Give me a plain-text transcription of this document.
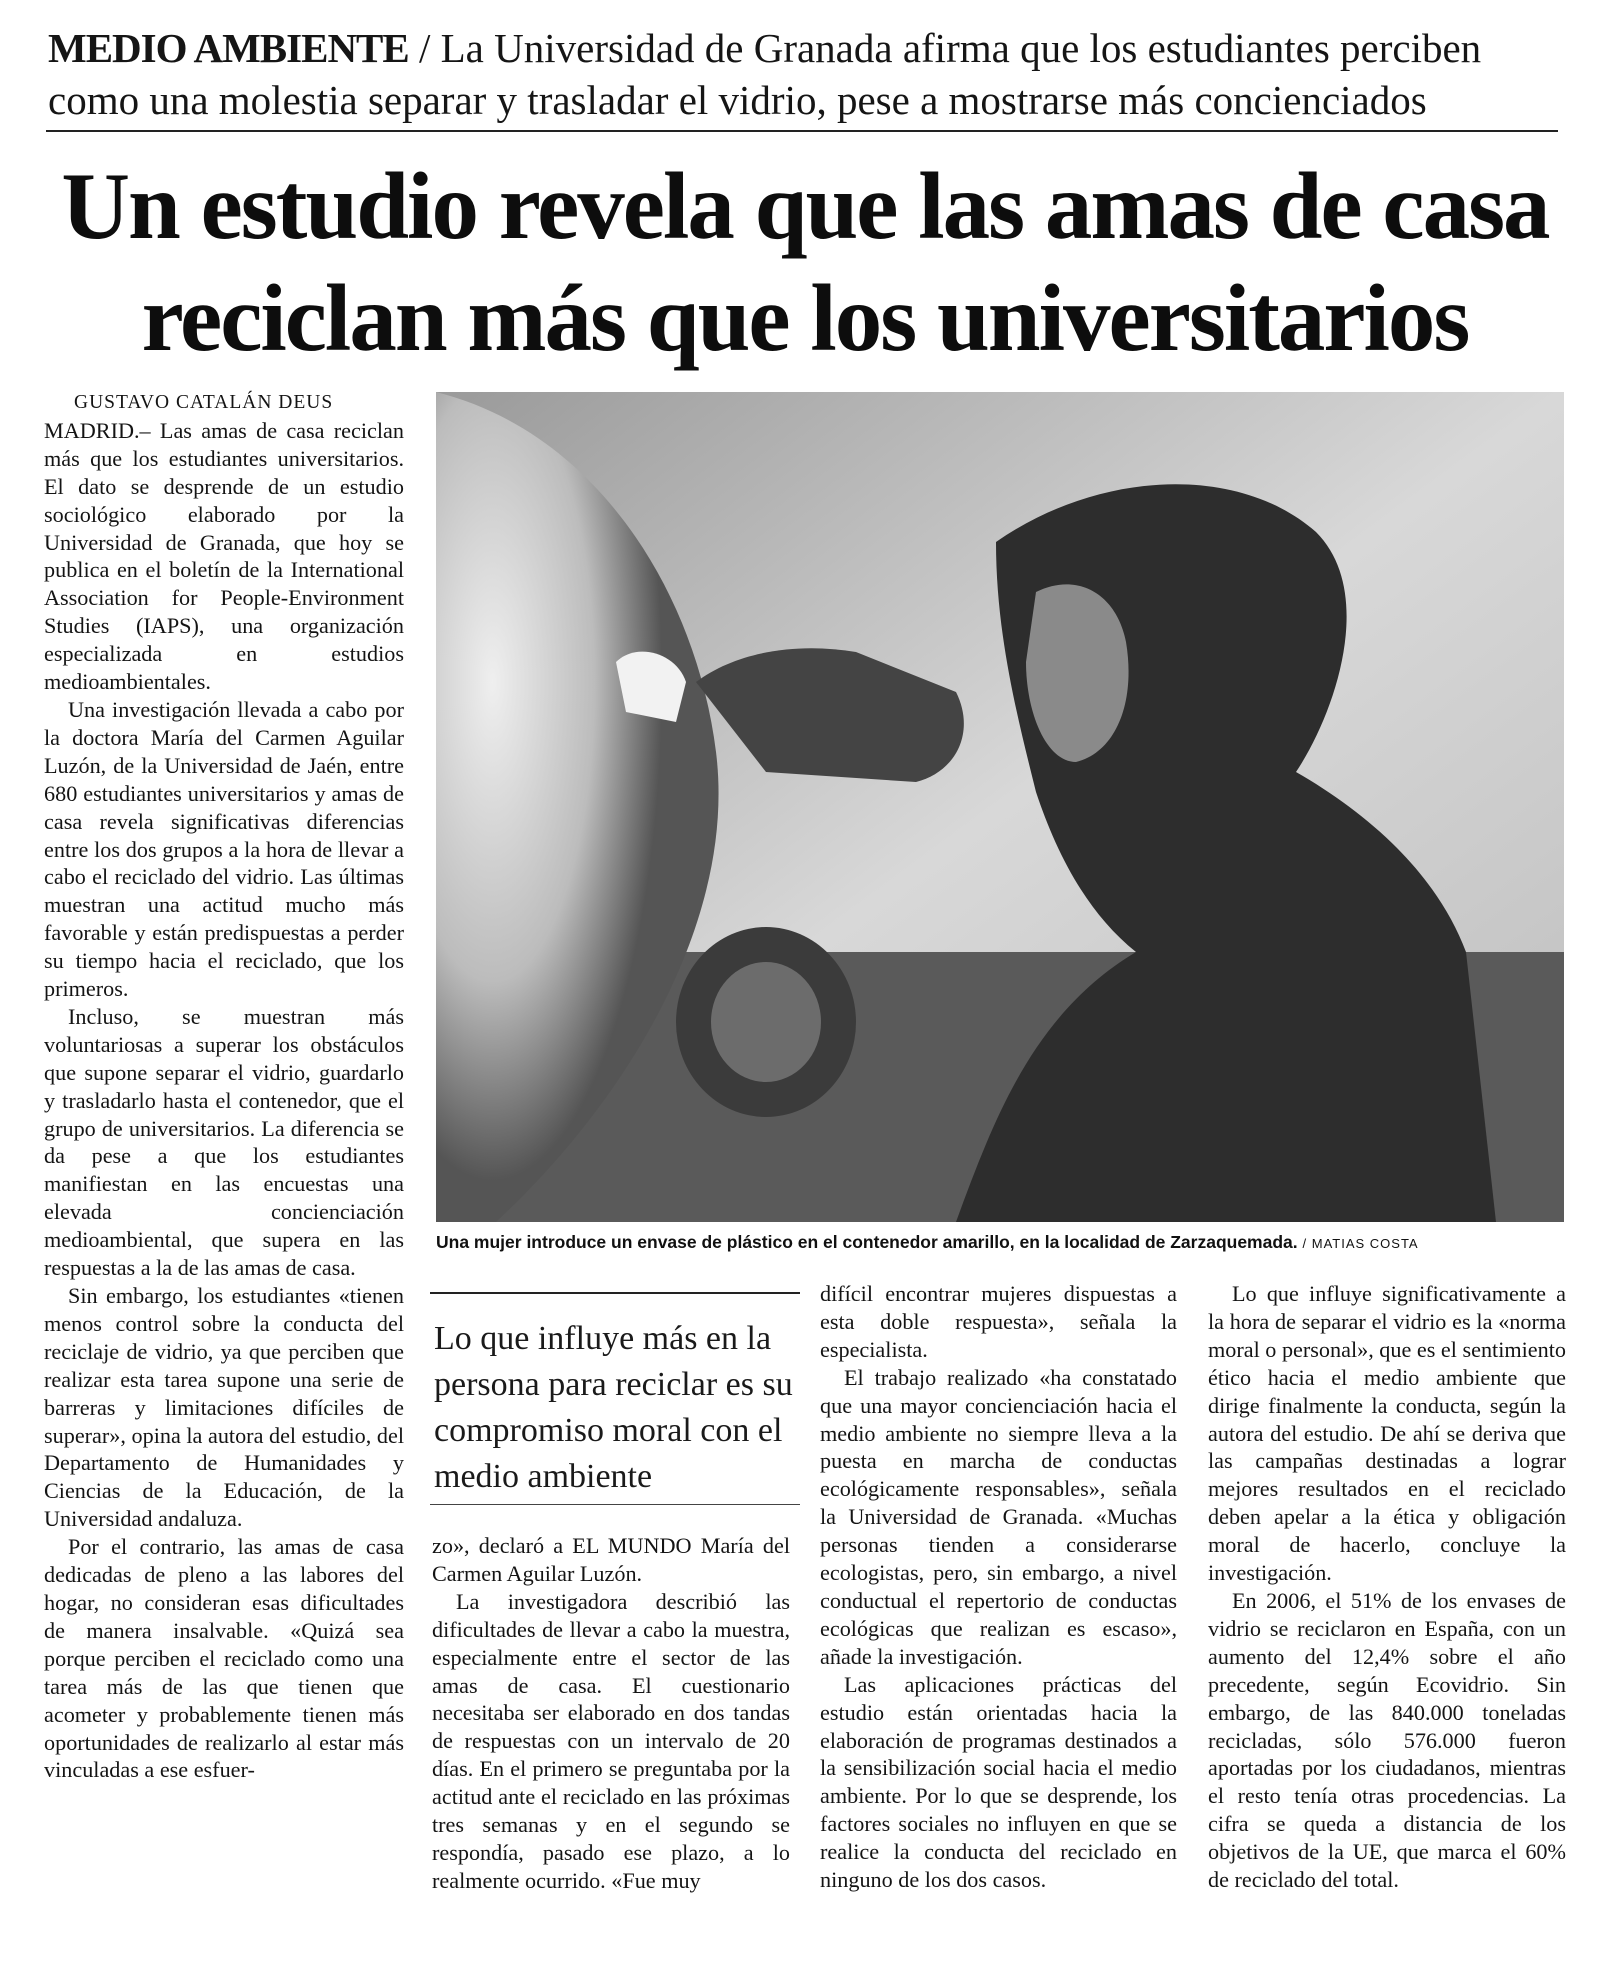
MEDIO AMBIENTE / La Universidad de Granada afirma que los estudiantes perciben como una molestia separar y trasladar el vidrio, pese a mostrarse más concienciados
Un estudio revela que las amas de casa
reciclan más que los universitarios

GUSTAVO CATALÁN DEUS

MADRID.– Las amas de casa reciclan más que los estudiantes universitarios. El dato se desprende de un estudio sociológico elaborado por la Universidad de Granada, que hoy se publica en el boletín de la International Association for People-Environment Studies (IAPS), una organización especializada en estudios medioambientales.

Una investigación llevada a cabo por la doctora María del Carmen Aguilar Luzón, de la Universidad de Jaén, entre 680 estudiantes universitarios y amas de casa revela significativas diferencias entre los dos grupos a la hora de llevar a cabo el reciclado del vidrio. Las últimas muestran una actitud mucho más favorable y están predispuestas a perder su tiempo hacia el reciclado, que los primeros.

Incluso, se muestran más voluntariosas a superar los obstáculos que supone separar el vidrio, guardarlo y trasladarlo hasta el contenedor, que el grupo de universitarios. La diferencia se da pese a que los estudiantes manifiestan en las encuestas una elevada concienciación medioambiental, que supera en las respuestas a la de las amas de casa.

Sin embargo, los estudiantes «tienen menos control sobre la conducta del reciclaje de vidrio, ya que perciben que realizar esta tarea supone una serie de barreras y limitaciones difíciles de superar», opina la autora del estudio, del Departamento de Humanidades y Ciencias de la Educación, de la Universidad andaluza.

Por el contrario, las amas de casa dedicadas de pleno a las labores del hogar, no consideran esas dificultades de manera insalvable. «Quizá sea porque perciben el reciclado como una tarea más de las que tienen que acometer y probablemente tienen más oportunidades de realizarlo al estar más vinculadas a ese esfuer-

Una mujer introduce un envase de plástico en el contenedor amarillo, en la localidad de Zarzaquemada. / MATIAS COSTA
Lo que influye más en la persona para reciclar es su compromiso moral con el medio ambiente

zo», declaró a EL MUNDO María del Carmen Aguilar Luzón.

La investigadora describió las dificultades de llevar a cabo la muestra, especialmente entre el sector de las amas de casa. El cuestionario necesitaba ser elaborado en dos tandas de respuestas con un intervalo de 20 días. En el primero se preguntaba por la actitud ante el reciclado en las próximas tres semanas y en el segundo se respondía, pasado ese plazo, a lo realmente ocurrido. «Fue muy

difícil encontrar mujeres dispuestas a esta doble respuesta», señala la especialista.

El trabajo realizado «ha constatado que una mayor concienciación hacia el medio ambiente no siempre lleva a la puesta en marcha de conductas ecológicamente responsables», señala la Universidad de Granada. «Muchas personas tienden a considerarse ecologistas, pero, sin embargo, a nivel conductual el repertorio de conductas ecológicas que realizan es escaso», añade la investigación.

Las aplicaciones prácticas del estudio están orientadas hacia la elaboración de programas destinados a la sensibilización social hacia el medio ambiente. Por lo que se desprende, los factores sociales no influyen en que se realice la conducta del reciclado en ninguno de los dos casos.

Lo que influye significativamente a la hora de separar el vidrio es la «norma moral o personal», que es el sentimiento ético hacia el medio ambiente que dirige finalmente la conducta, según la autora del estudio. De ahí se deriva que las campañas destinadas a lograr mejores resultados en el reciclado deben apelar a la ética y obligación moral de hacerlo, concluye la investigación.

En 2006, el 51% de los envases de vidrio se reciclaron en España, con un aumento del 12,4% sobre el año precedente, según Ecovidrio. Sin embargo, de las 840.000 toneladas recicladas, sólo 576.000 fueron aportadas por los ciudadanos, mientras el resto tenía otras procedencias. La cifra se queda a distancia de los objetivos de la UE, que marca el 60% de reciclado del total.
